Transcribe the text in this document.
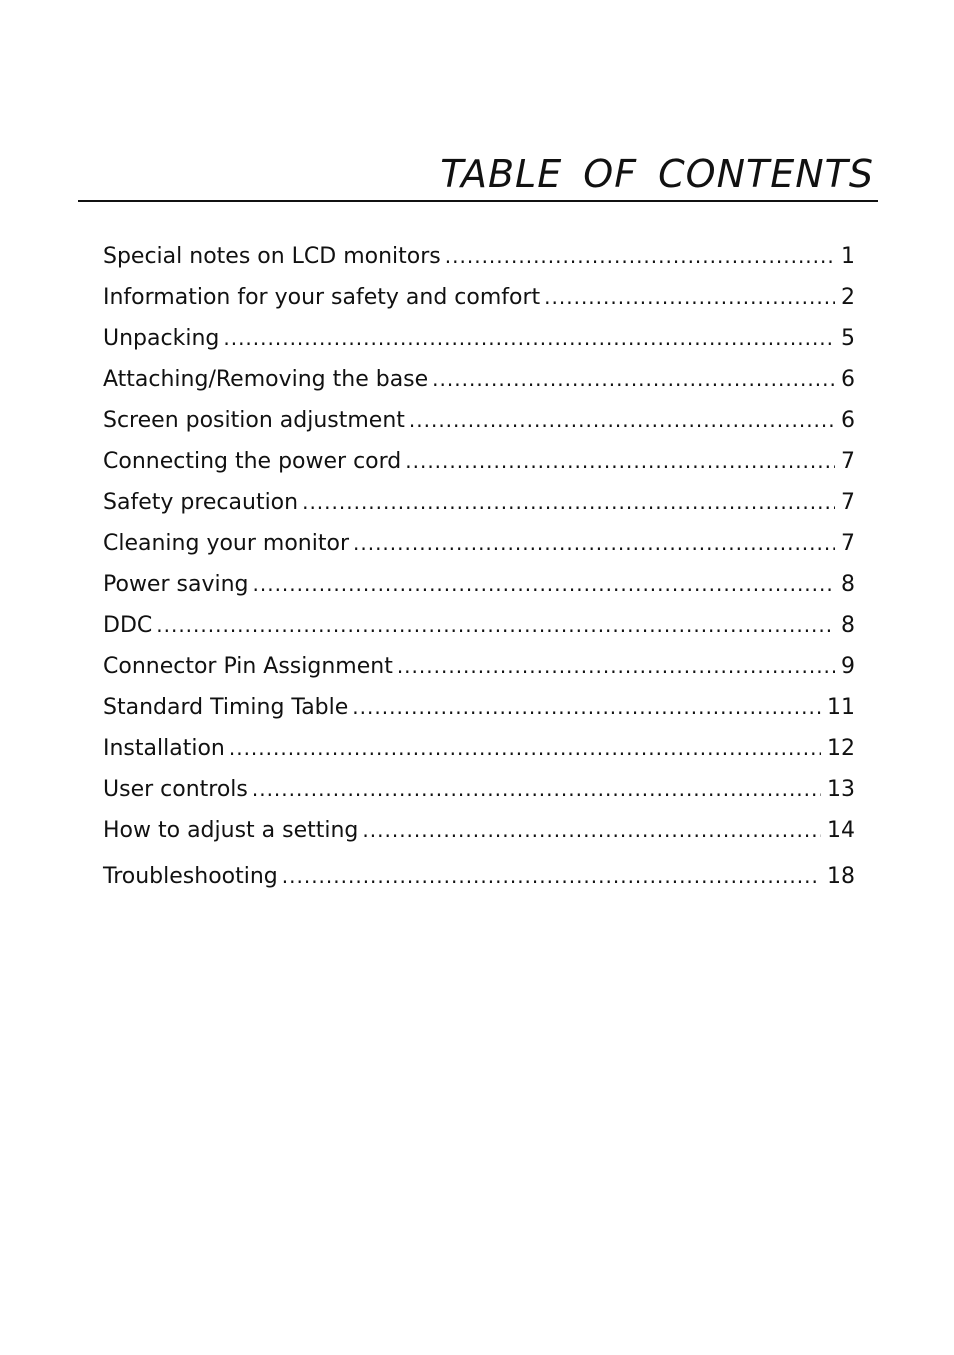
TABLE OF CONTENTS
Special notes on LCD monitors .....	1
Information for your safety and comfort .....	2
Unpacking .....	5
Attaching/Removing the base .....	6
Screen position adjustment .....	6
Connecting the power cord .....	7
Safety precaution .....	7
Cleaning your monitor .....	7
Power saving .....	8
DDC .....	8
Connector Pin Assignment .....	9
Standard Timing Table .....	11
Installation .....	12
User controls .....	13
How to adjust a setting .....	14
Troubleshooting .....	18
